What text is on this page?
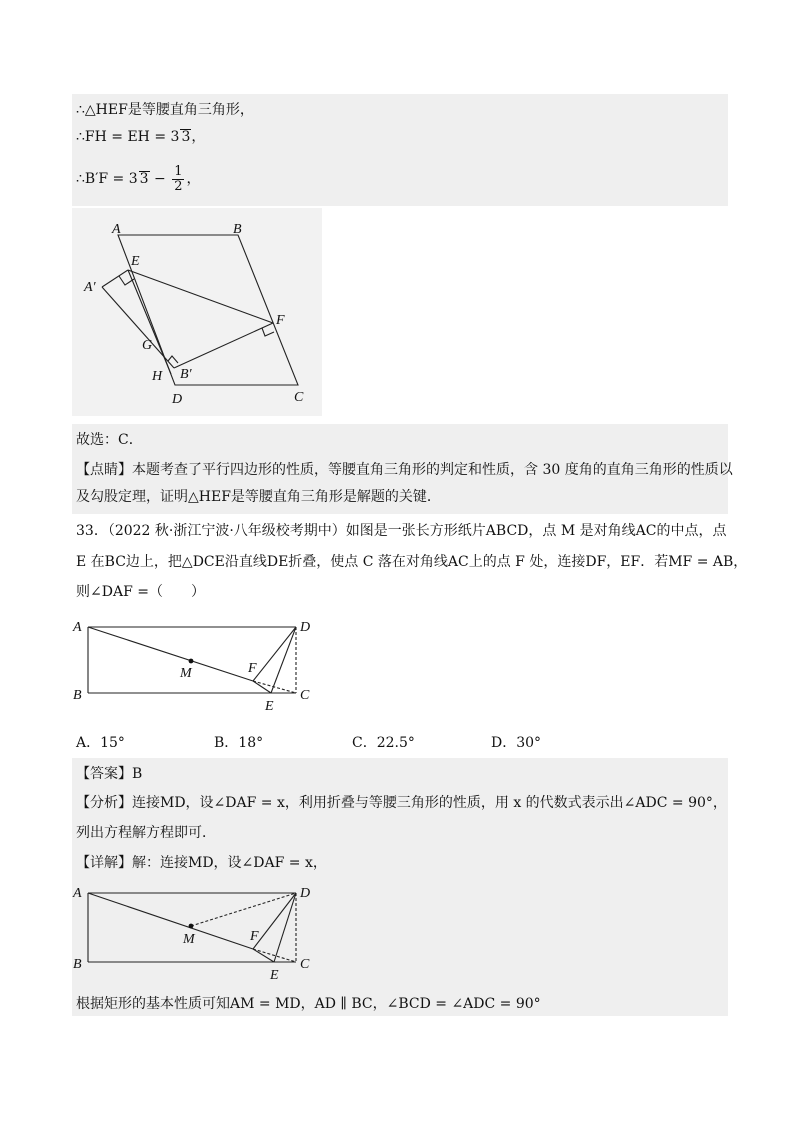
∴△HEF是等腰直角三角形，
∴FH = EH = 3 3，
∴B′F = 3 $3 - \frac{1}{2}$ ，
A	B
E
A′
F
G
H B′
D	C
故选：C．
【点睛】本题考查了平行四边形的性质，等腰直角三角形的判定和性质，含 30 度角的直角三角形的性质以
及勾股定理，证明△HEF是等腰直角三角形是解题的关键．
33．（2022 秋·浙江宁波·八年级校考期中）如图是一张长方形纸片ABCD，点 M 是对角线AC的中点，点
E 在BC边上，把△DCE沿直线DE折叠，使点 C 落在对角线AC上的点 F 处，连接DF，EF．若MF = AB，
则∠DAF =（　　）
A	D
M	F
B
E
C
A．15°	B．18°	C．22.5°	D．30°
【答案】B
【分析】连接MD，设∠DAF = x，利用折叠与等腰三角形的性质，用 x 的代数式表示出∠ADC = 90°，
列出方程解方程即可．
【详解】解：连接MD，设∠DAF = x，
A	D
M	F
B
E
C
根据矩形的基本性质可知AM = MD，AD ∥ BC，∠BCD = ∠ADC = 90°
